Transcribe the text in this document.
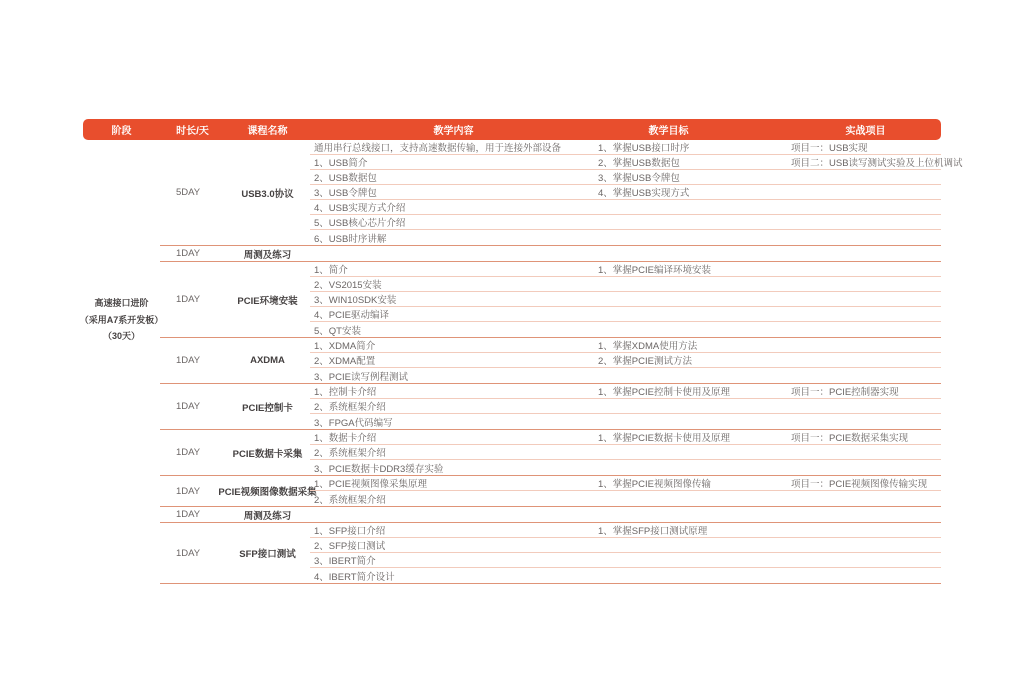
阶段	时长/天	课程名称	教学内容	教学目标	实战项目
高速接口进阶
（采用A7系开发板）
（30天）
5DAY	USB3.0协议
通用串行总线接口，支持高速数据传输，用于连接外部设备	1、掌握USB接口时序	项目一：USB实现
1、USB简介	2、掌握USB数据包	项目二：USB读写测试实验及上位机调试
2、USB数据包	3、掌握USB令牌包
3、USB令牌包	4、掌握USB实现方式
4、USB实现方式介绍
5、USB核心芯片介绍
6、USB时序讲解
1DAY	周测及练习
1DAY	PCIE环境安装
1、简介	1、掌握PCIE编译环境安装
2、VS2015安装
3、WIN10SDK安装
4、PCIE驱动编译
5、QT安装
1DAY	AXDMA
1、XDMA简介	1、掌握XDMA使用方法
2、XDMA配置	2、掌握PCIE测试方法
3、PCIE读写例程测试
1DAY	PCIE控制卡
1、控制卡介绍	1、掌握PCIE控制卡使用及原理	项目一：PCIE控制器实现
2、系统框架介绍
3、FPGA代码编写
1DAY	PCIE数据卡采集
1、数据卡介绍	1、掌握PCIE数据卡使用及原理	项目一：PCIE数据采集实现
2、系统框架介绍
3、PCIE数据卡DDR3缓存实验
1DAY	PCIE视频图像数据采集
1、PCIE视频图像采集原理	1、掌握PCIE视频图像传输	项目一：PCIE视频图像传输实现
2、系统框架介绍
1DAY	周测及练习
1DAY	SFP接口测试
1、SFP接口介绍	1、掌握SFP接口测试原理
2、SFP接口测试
3、IBERT简介
4、IBERT简介设计
